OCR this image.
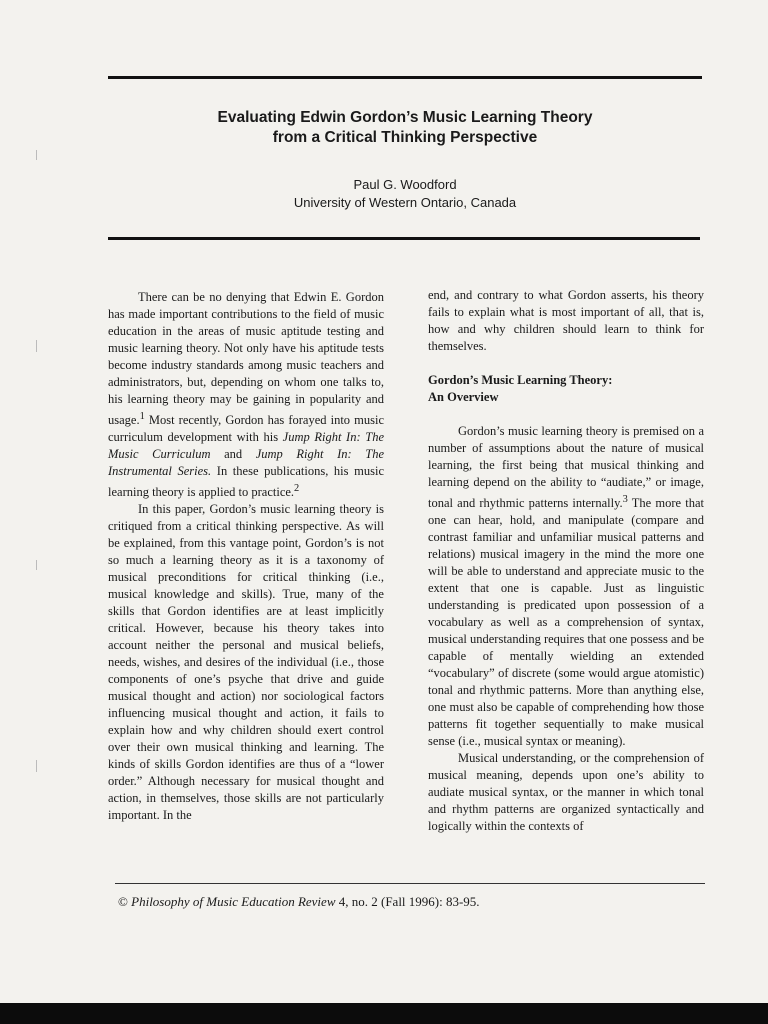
Evaluating Edwin Gordon’s Music Learning Theory
from a Critical Thinking Perspective
Paul G. Woodford
University of Western Ontario, Canada

There can be no denying that Edwin E. Gordon has made important contributions to the field of music education in the areas of music aptitude testing and music learning theory. Not only have his aptitude tests become industry standards among music teachers and administrators, but, depending on whom one talks to, his learning theory may be gaining in popularity and usage.$^1$ Most recently, Gordon has forayed into music curriculum development with his Jump Right In: The Music Curriculum and Jump Right In: The Instrumental Series. In these publications, his music learning theory is applied to practice.$^2$

In this paper, Gordon’s music learning theory is critiqued from a critical thinking perspective. As will be explained, from this vantage point, Gordon’s is not so much a learning theory as it is a taxonomy of musical preconditions for critical thinking (i.e., musical knowledge and skills). True, many of the skills that Gordon identifies are at least implicitly critical. However, because his theory takes into account neither the personal and musical beliefs, needs, wishes, and desires of the individual (i.e., those components of one’s psyche that drive and guide musical thought and action) nor sociological factors influencing musical thought and action, it fails to explain how and why children should exert control over their own musical thinking and learning. The kinds of skills Gordon identifies are thus of a “lower order.” Although necessary for musical thought and action, in themselves, those skills are not particularly important. In the

end, and contrary to what Gordon asserts, his theory fails to explain what is most important of all, that is, how and why children should learn to think for themselves.

Gordon’s Music Learning Theory:
An Overview

Gordon’s music learning theory is premised on a number of assumptions about the nature of musical learning, the first being that musical thinking and learning depend on the ability to “audiate,” or image, tonal and rhythmic patterns internally.$^3$ The more that one can hear, hold, and manipulate (compare and contrast familiar and unfamiliar musical patterns and relations) musical imagery in the mind the more one will be able to understand and appreciate music to the extent that one is capable. Just as linguistic understanding is predicated upon possession of a vocabulary as well as a comprehension of syntax, musical understanding requires that one possess and be capable of mentally wielding an extended “vocabulary” of discrete (some would argue atomistic) tonal and rhythmic patterns. More than anything else, one must also be capable of comprehending how those patterns fit together sequentially to make musical sense (i.e., musical syntax or meaning).

Musical understanding, or the comprehension of musical meaning, depends upon one’s ability to audiate musical syntax, or the manner in which tonal and rhythm patterns are organized syntactically and logically within the contexts of

© Philosophy of Music Education Review 4, no. 2 (Fall 1996): 83-95.
